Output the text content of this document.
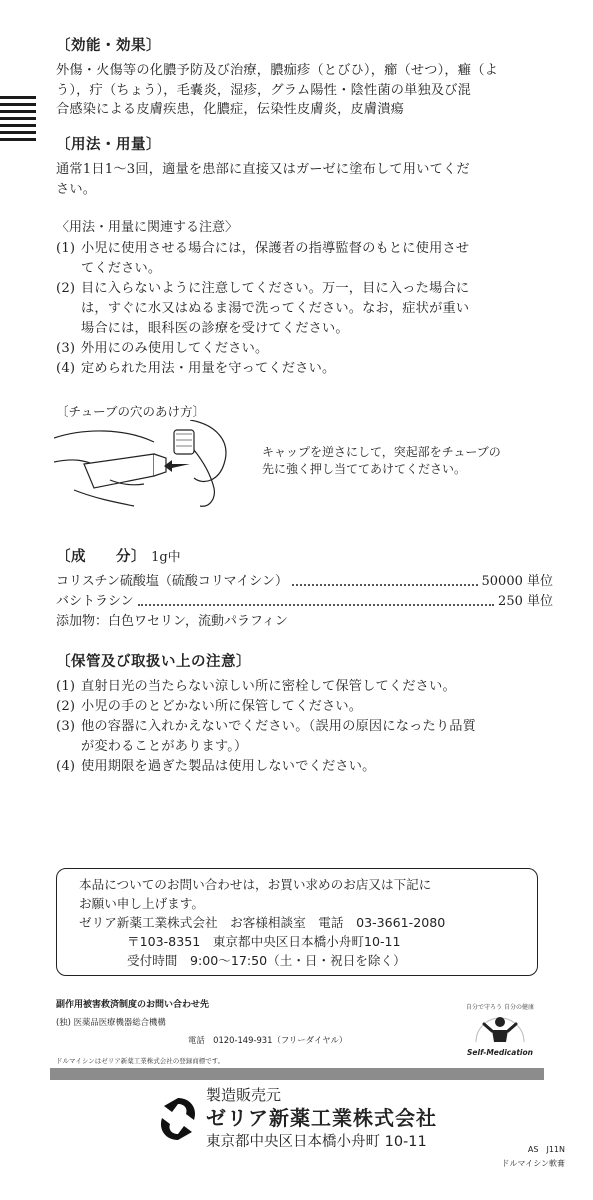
〔効能・効果〕
外傷・火傷等の化膿予防及び治療，膿痂疹（とびひ），癤（せつ），癰（よ
う），疔（ちょう），毛嚢炎，湿疹，グラム陽性・陰性菌の単独及び混
合感染による皮膚疾患，化膿症，伝染性皮膚炎，皮膚潰瘍
〔用法・用量〕
通常1日1〜3回，適量を患部に直接又はガーゼに塗布して用いてくだ
さい。
〈用法・用量に関連する注意〉
(1) 小児に使用させる場合には，保護者の指導監督のもとに使用させ
てください。
(2) 目に入らないように注意してください。万一，目に入った場合に
は，すぐに水又はぬるま湯で洗ってください。なお，症状が重い
場合には，眼科医の診療を受けてください。
(3) 外用にのみ使用してください。
(4) 定められた用法・用量を守ってください。
〔チューブの穴のあけ方〕
キャップを逆さにして，突起部をチューブの
先に強く押し当ててあけてください。
〔成　　分〕 1g中
コリスチン硫酸塩（硫酸コリマイシン）	50000 単位
バシトラシン	250 単位
添加物：白色ワセリン，流動パラフィン
〔保管及び取扱い上の注意〕
(1) 直射日光の当たらない涼しい所に密栓して保管してください。
(2) 小児の手のとどかない所に保管してください。
(3) 他の容器に入れかえないでください。（誤用の原因になったり品質
が変わることがあります。）
(4) 使用期限を過ぎた製品は使用しないでください。
本品についてのお問い合わせは，お買い求めのお店又は下記に
お願い申し上げます。
ゼリア新薬工業株式会社　お客様相談室　電話　03-3661-2080
〒103-8351　東京都中央区日本橋小舟町10-11
受付時間　9:00〜17:50（土・日・祝日を除く）
副作用被害救済制度のお問い合わせ先
(独) 医薬品医療機器総合機構
電話　0120-149-931（フリーダイヤル）
ドルマイシンはゼリア新薬工業株式会社の登録商標です。
自分で守ろう 自分の健康
Self-Medication
製造販売元
ゼリア新薬工業株式会社
東京都中央区日本橋小舟町 10-11	AS　J11N
ドルマイシン軟膏
